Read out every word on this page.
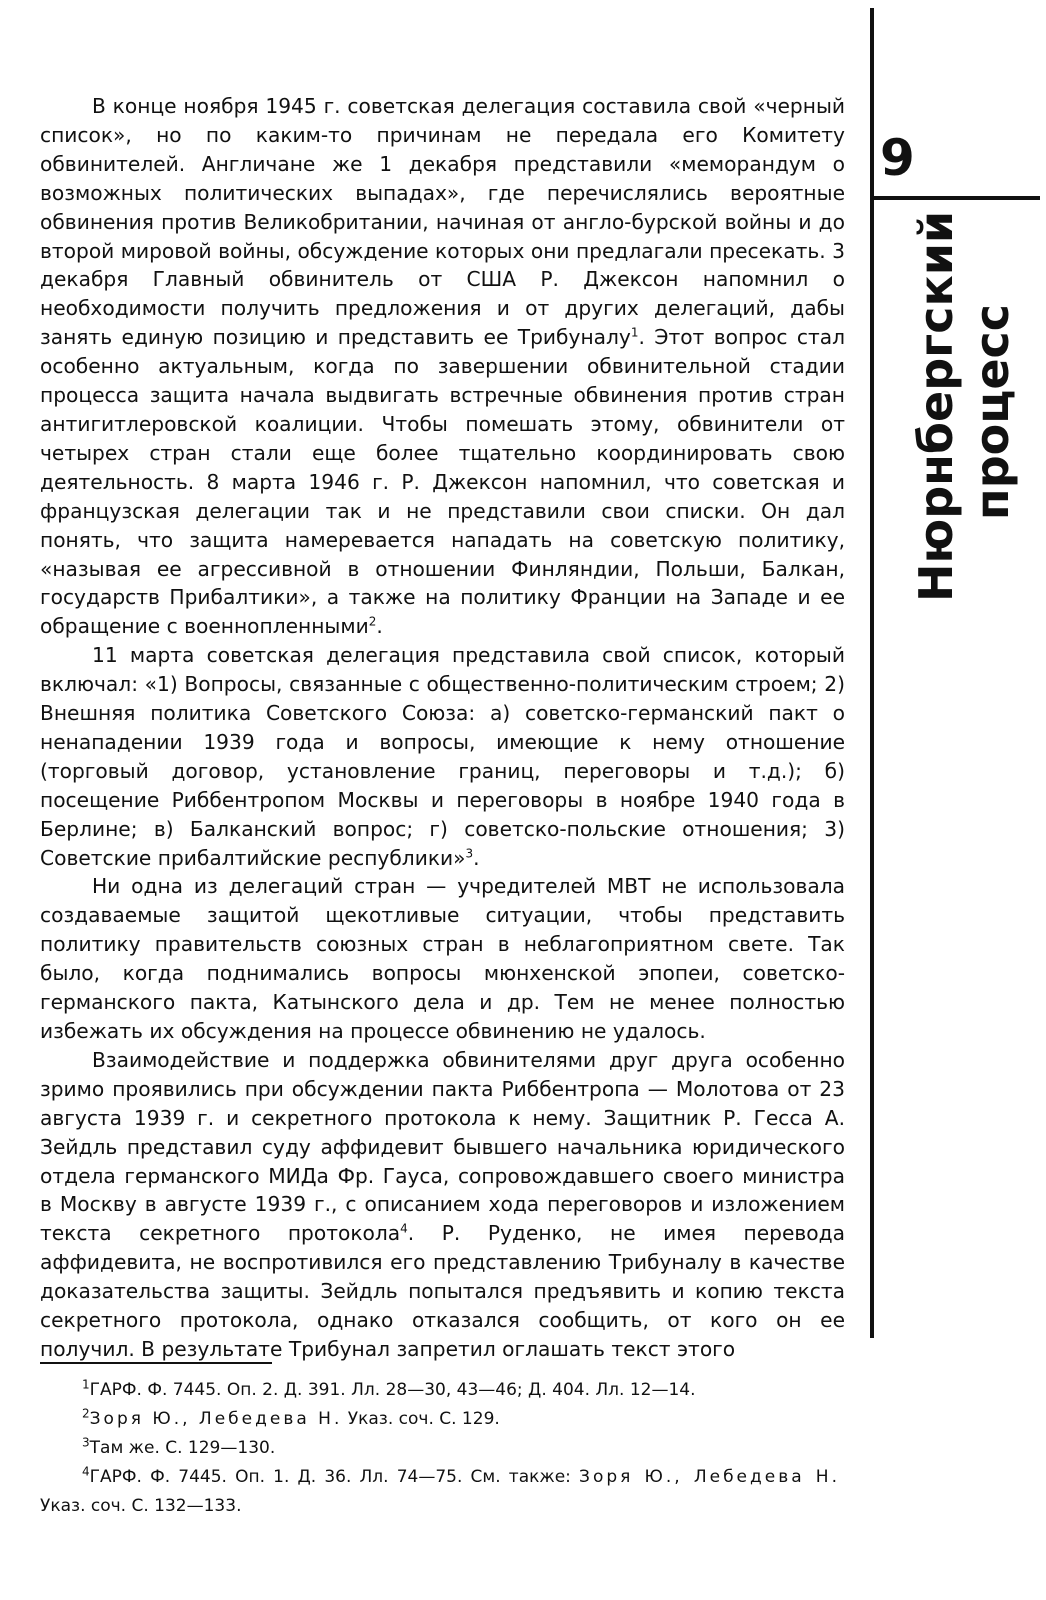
В конце ноября 1945 г. советская делегация составила свой «черный список», но по каким-то причинам не передала его Комитету обвинителей. Англичане же 1 декабря представили «меморандум о возможных политических выпадах», где перечислялись вероятные обвинения против Великобритании, начиная от англо-бурской войны и до второй мировой войны, обсуждение которых они предлагали пресекать. 3 декабря Главный обвинитель от США Р. Джексон напомнил о необходимости получить предложения и от других делегаций, дабы занять единую позицию и представить ее Трибуналу$^1$. Этот вопрос стал особенно актуальным, когда по завершении обвинительной стадии процесса защита начала выдвигать встречные обвинения против стран антигитлеровской коалиции. Чтобы помешать этому, обвинители от четырех стран стали еще более тщательно координировать свою деятельность. 8 марта 1946 г. Р. Джексон напомнил, что советская и французская делегации так и не представили свои списки. Он дал понять, что защита намеревается нападать на советскую политику, «называя ее агрессивной в отношении Финляндии, Польши, Балкан, государств Прибалтики», а также на политику Франции на Западе и ее обращение с военнопленными$^2$.

11 марта советская делегация представила свой список, который включал: «1) Вопросы, связанные с общественно-политическим строем; 2) Внешняя политика Советского Союза: а) советско-германский пакт о ненападении 1939 года и вопросы, имеющие к нему отношение (торговый договор, установление границ, переговоры и т.д.); б) посещение Риббентропом Москвы и переговоры в ноябре 1940 года в Берлине; в) Балканский вопрос; г) советско-польские отношения; 3) Советские прибалтийские республики»$^3$.

Ни одна из делегаций стран — учредителей МВТ не использовала создаваемые защитой щекотливые ситуации, чтобы представить политику правительств союзных стран в неблагоприятном свете. Так было, когда поднимались вопросы мюнхенской эпопеи, советско-германского пакта, Катынского дела и др. Тем не менее полностью избежать их обсуждения на процессе обвинению не удалось.

Взаимодействие и поддержка обвинителями друг друга особенно зримо проявились при обсуждении пакта Риббентропа — Молотова от 23 августа 1939 г. и секретного протокола к нему. Защитник Р. Гесса А. Зейдль представил суду аффидевит бывшего начальника юридического отдела германского МИДа Фр. Гауса, сопровождавшего своего министра в Москву в августе 1939 г., с описанием хода переговоров и изложением текста секретного протокола$^4$. Р. Руденко, не имея перевода аффидевита, не воспротивился его представлению Трибуналу в качестве доказательства защиты. Зейдль попытался предъявить и копию текста секретного протокола, однако отказался сообщить, от кого он ее получил. В результате Трибунал запретил оглашать текст этого

9
Нюрнбергский процесс

$^1$ГАРФ. Ф. 7445. Оп. 2. Д. 391. Лл. 28—30, 43—46; Д. 404. Лл. 12—14.

$^2$Зоря Ю., Лебедева Н. Указ. соч. С. 129.

$^3$Там же. С. 129—130.

$^4$ГАРФ. Ф. 7445. Оп. 1. Д. 36. Лл. 74—75. См. также: Зоря Ю., Лебедева Н. Указ. соч. С. 132—133.
